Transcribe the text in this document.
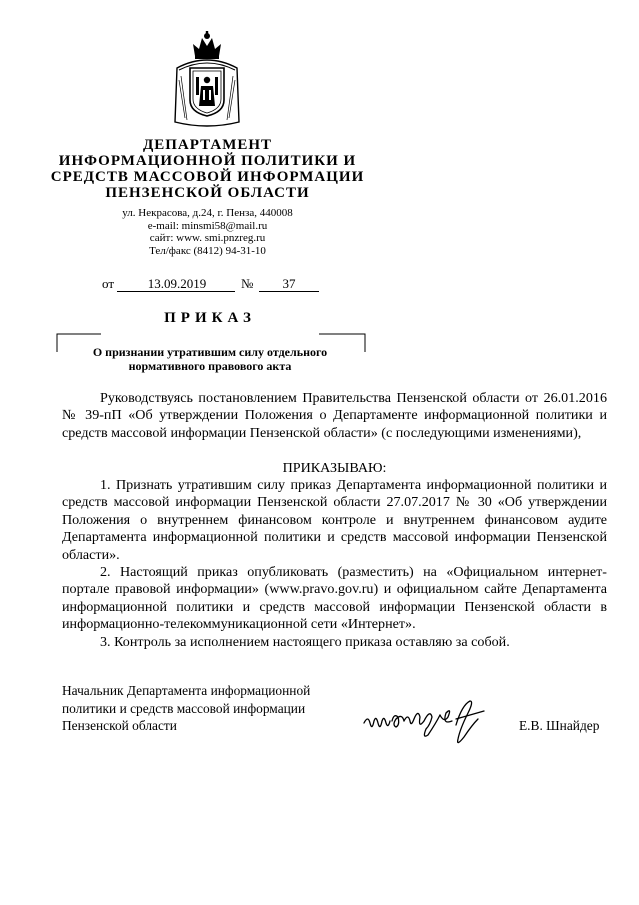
ДЕПАРТАМЕНТ
ИНФОРМАЦИОННОЙ ПОЛИТИКИ И
СРЕДСТВ МАССОВОЙ ИНФОРМАЦИИ
ПЕНЗЕНСКОЙ ОБЛАСТИ
ул. Некрасова, д.24, г. Пенза, 440008
e-mail: minsmi58@mail.ru
сайт: www. smi.pnzreg.ru
Тел/факс (8412) 94-31-10
от	13.09.2019	№	37
ПРИКАЗ
О признании утратившим силу отдельного
нормативного правового акта

Руководствуясь постановлением Правительства Пензенской области от 26.01.2016 № 39-пП «Об утверждении Положения о Департаменте информационной политики и средств массовой информации Пензенской области» (с последующими изменениями),

ПРИКАЗЫВАЮ:

1. Признать утратившим силу приказ Департамента информационной политики и средств массовой информации Пензенской области 27.07.2017 № 30 «Об утверждении Положения о внутреннем финансовом контроле и внутреннем финансовом аудите Департамента информационной политики и средств массовой информации Пензенской области».

2. Настоящий приказ опубликовать (разместить) на «Официальном интернет-портале правовой информации» (www.pravo.gov.ru) и официальном сайте Департамента информационной политики и средств массовой информации Пензенской области в информационно-телекоммуникационной сети «Интернет».

3. Контроль за исполнением настоящего приказа оставляю за собой.

Начальник Департамента информационной
политики и средств массовой информации
Пензенской области	Е.В. Шнайдер
